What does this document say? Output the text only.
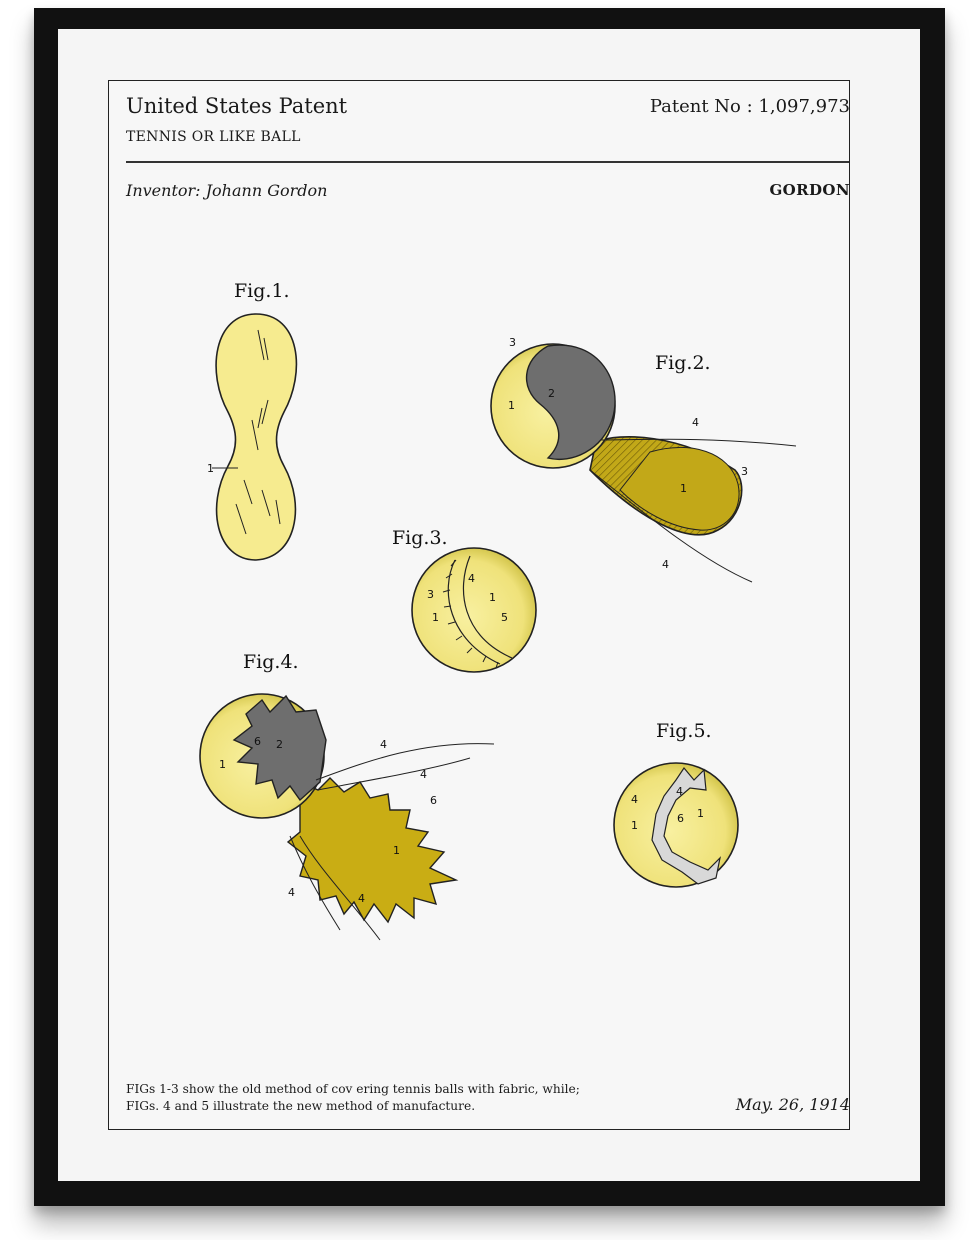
United States Patent
TENNIS OR LIKE BALL
Patent No : 1,097,973
Inventor: Johann Gordon	GORDON
Fig.1.
1
Fig.2.
2
3
1
1
3
4
4
Fig.3.
4
3
1
1
5
Fig.4.
2
6
1
1
6
4
4
4	4
Fig.5.
4
4
1
6 1
FIGs 1-3 show the old method of cov ering tennis balls with fabric, while;
FIGs. 4 and 5 illustrate the new method of manufacture.	May. 26, 1914
